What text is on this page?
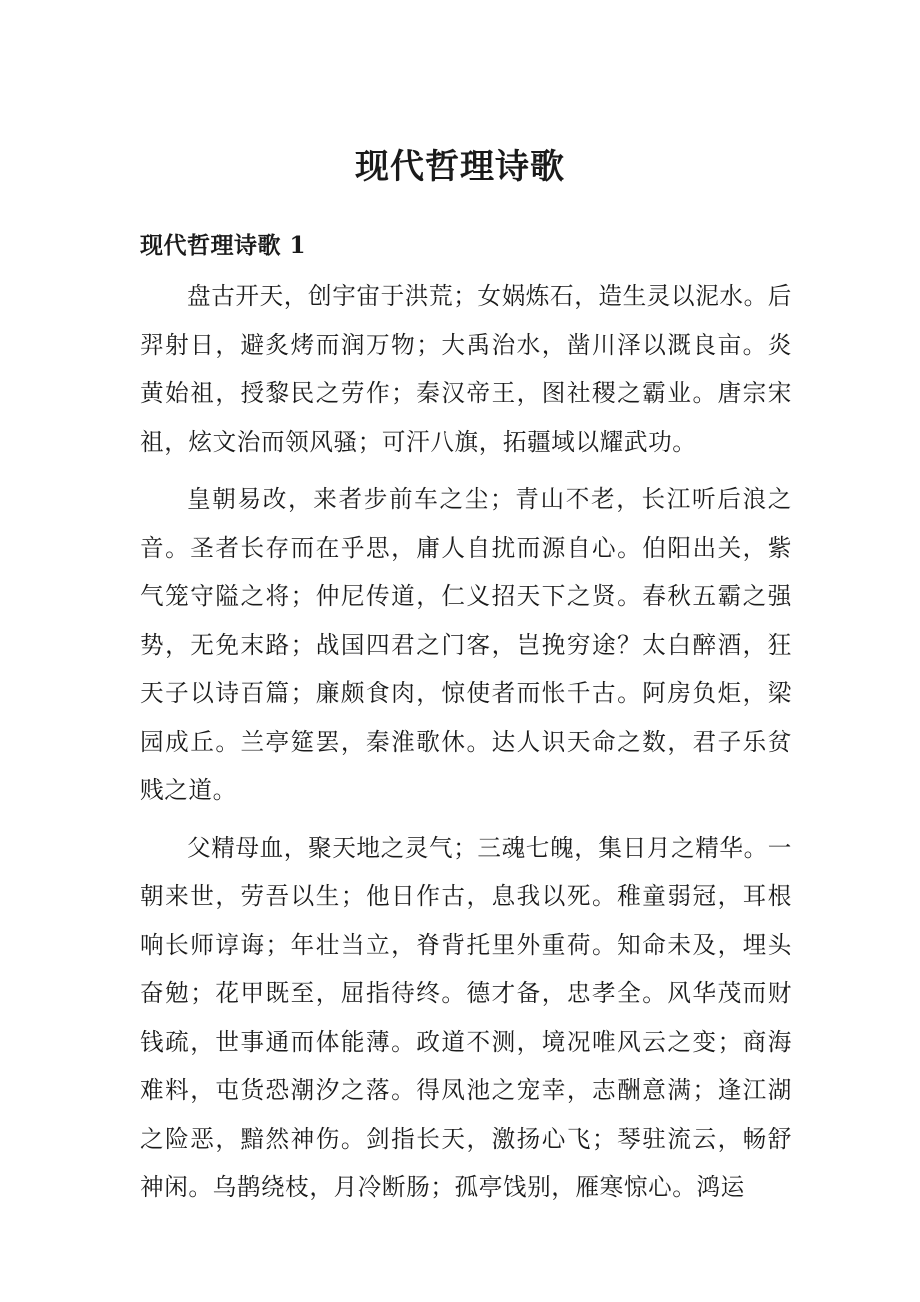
现代哲理诗歌
现代哲理诗歌 1

盘古开天，创宇宙于洪荒；女娲炼石，造生灵以泥水。后羿射日，避炙烤而润万物；大禹治水，凿川泽以溉良亩。炎黄始祖，授黎民之劳作；秦汉帝王，图社稷之霸业。唐宗宋祖，炫文治而领风骚；可汗八旗，拓疆域以耀武功。

皇朝易改，来者步前车之尘；青山不老，长江听后浪之音。圣者长存而在乎思，庸人自扰而源自心。伯阳出关，紫气笼守隘之将；仲尼传道，仁义招天下之贤。春秋五霸之强势，无免末路；战国四君之门客，岂挽穷途？太白醉酒，狂天子以诗百篇；廉颇食肉，惊使者而怅千古。阿房负炬，梁园成丘。兰亭筵罢，秦淮歌休。达人识天命之数，君子乐贫贱之道。

父精母血，聚天地之灵气；三魂七魄，集日月之精华。一朝来世，劳吾以生；他日作古，息我以死。稚童弱冠，耳根响长师谆诲；年壮当立，脊背托里外重荷。知命未及，埋头奋勉；花甲既至，屈指待终。德才备，忠孝全。风华茂而财钱疏，世事通而体能薄。政道不测，境况唯风云之变；商海难料，屯货恐潮汐之落。得凤池之宠幸，志酬意满；逢江湖之险恶，黯然神伤。剑指长天，激扬心飞；琴驻流云，畅舒神闲。乌鹊绕枝，月冷断肠；孤亭饯别，雁寒惊心。鸿运
